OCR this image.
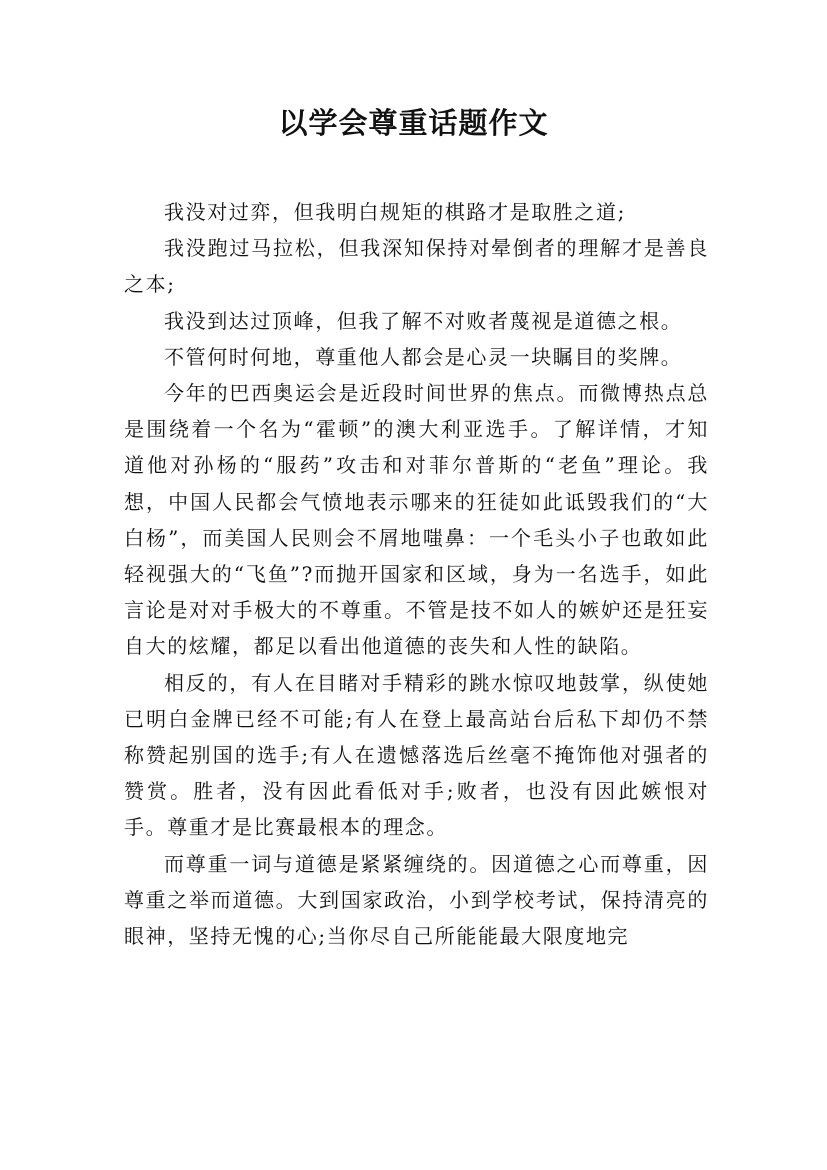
以学会尊重话题作文

我没对过弈，但我明白规矩的棋路才是取胜之道;

我没跑过马拉松，但我深知保持对晕倒者的理解才是善良之本;

我没到达过顶峰，但我了解不对败者蔑视是道德之根。

不管何时何地，尊重他人都会是心灵一块瞩目的奖牌。

今年的巴西奥运会是近段时间世界的焦点。而微博热点总是围绕着一个名为“霍顿”的澳大利亚选手。了解详情，才知道他对孙杨的“服药”攻击和对菲尔普斯的“老鱼”理论。我想，中国人民都会气愤地表示哪来的狂徒如此诋毁我们的“大白杨”，而美国人民则会不屑地嗤鼻：一个毛头小子也敢如此轻视强大的“飞鱼”?而抛开国家和区域，身为一名选手，如此言论是对对手极大的不尊重。不管是技不如人的嫉妒还是狂妄自大的炫耀，都足以看出他道德的丧失和人性的缺陷。

相反的，有人在目睹对手精彩的跳水惊叹地鼓掌，纵使她已明白金牌已经不可能;有人在登上最高站台后私下却仍不禁称赞起别国的选手;有人在遗憾落选后丝毫不掩饰他对强者的赞赏。胜者，没有因此看低对手;败者，也没有因此嫉恨对手。尊重才是比赛最根本的理念。

而尊重一词与道德是紧紧缠绕的。因道德之心而尊重，因尊重之举而道德。大到国家政治，小到学校考试，保持清亮的眼神，坚持无愧的心;当你尽自己所能能最大限度地完
